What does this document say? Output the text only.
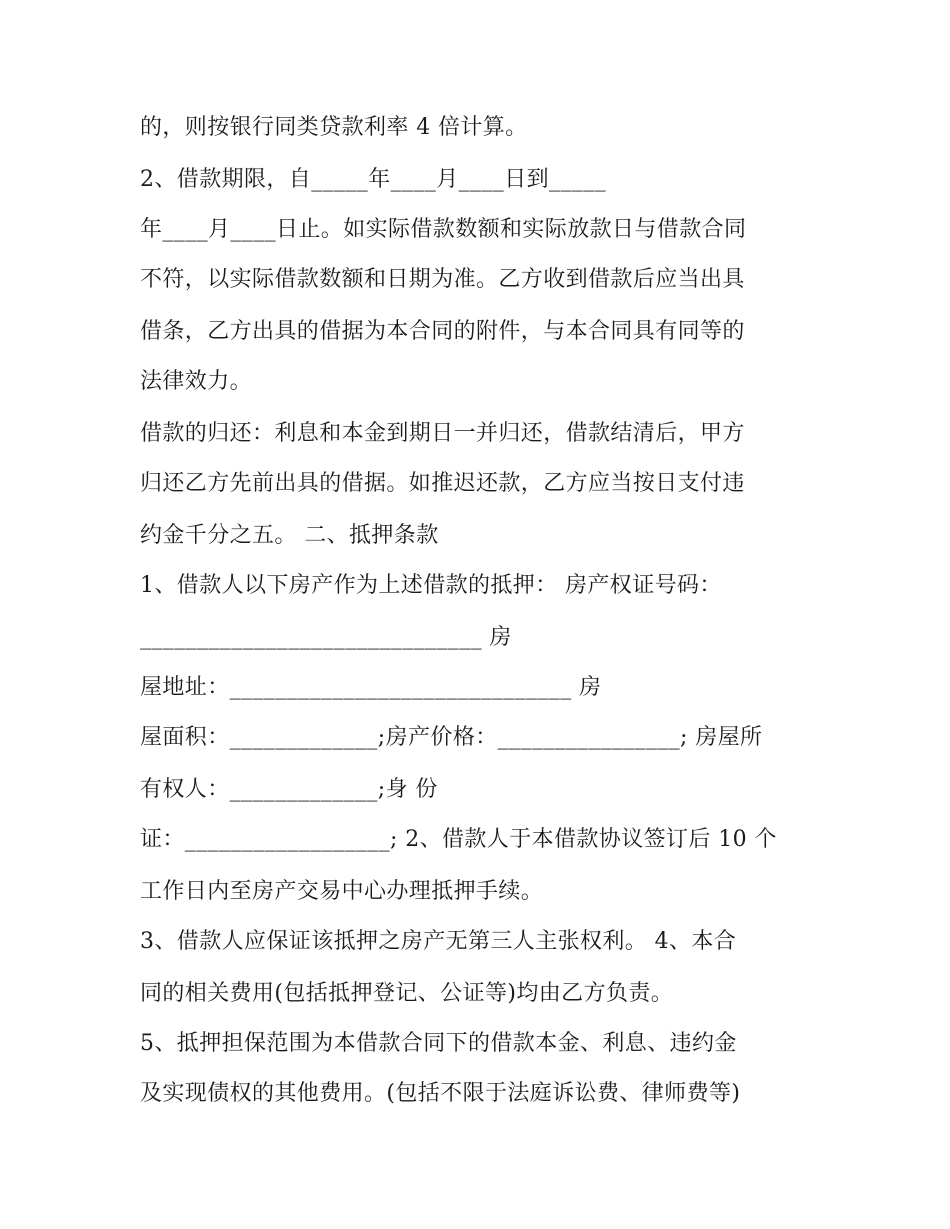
的，则按银行同类贷款利率 4 倍计算。
2、借款期限，自_____年____月____日到_____
年____月____日止。如实际借款数额和实际放款日与借款合同
不符，以实际借款数额和日期为准。乙方收到借款后应当出具
借条，乙方出具的借据为本合同的附件，与本合同具有同等的
法律效力。
借款的归还：利息和本金到期日一并归还，借款结清后，甲方
归还乙方先前出具的借据。如推迟还款，乙方应当按日支付违
约金千分之五。 二、抵押条款
1、借款人以下房产作为上述借款的抵押： 房产权证号码：
______________________________ 房
屋地址：______________________________ 房
屋面积：_____________;房产价格：________________; 房屋所
有权人：_____________;身 份
证：__________________; 2、借款人于本借款协议签订后 10 个
工作日内至房产交易中心办理抵押手续。
3、借款人应保证该抵押之房产无第三人主张权利。 4、本合
同的相关费用(包括抵押登记、公证等)均由乙方负责。
5、抵押担保范围为本借款合同下的借款本金、利息、违约金
及实现债权的其他费用。(包括不限于法庭诉讼费、律师费等)
